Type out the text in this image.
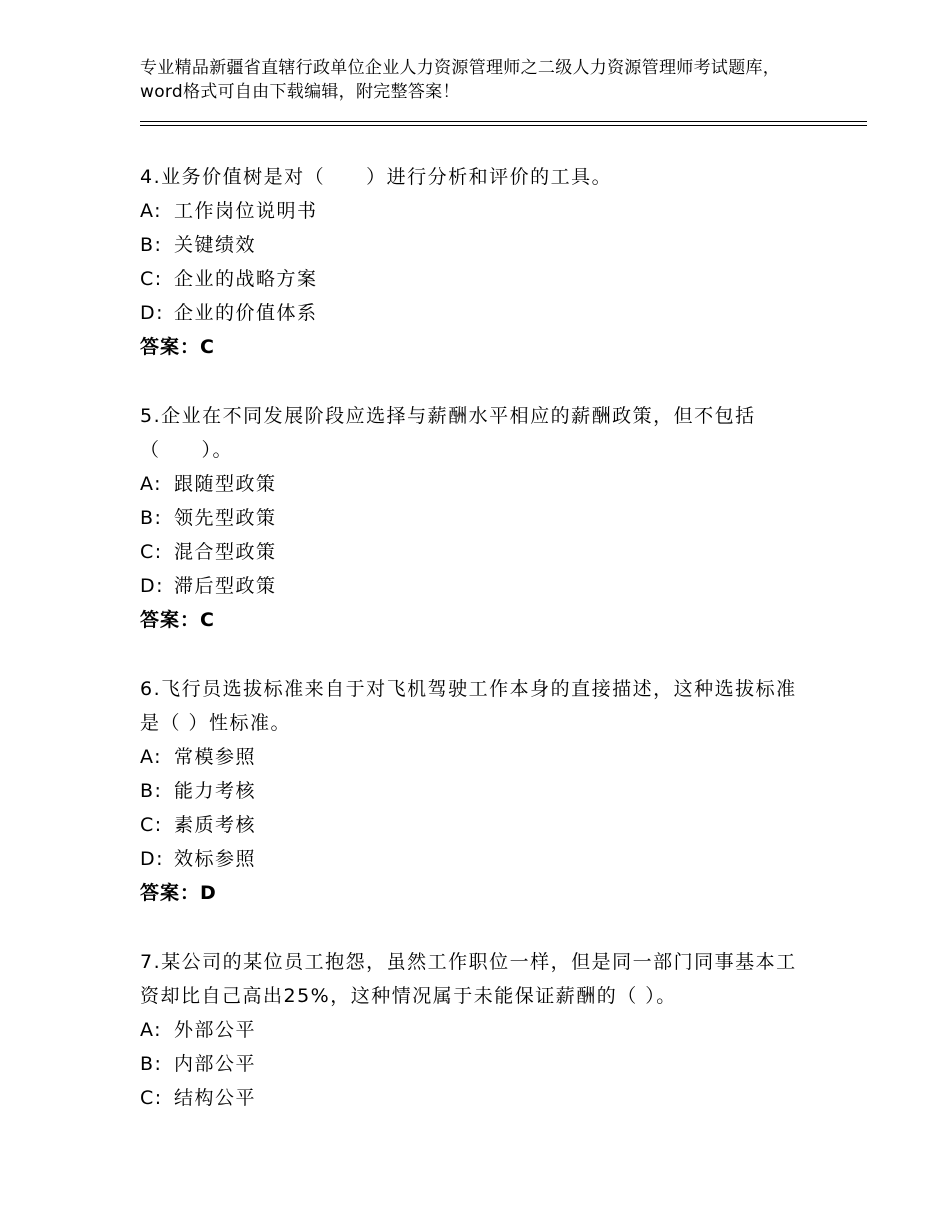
专业精品新疆省直辖行政单位企业人力资源管理师之二级人力资源管理师考试题库，word格式可自由下载编辑，附完整答案！
4.业务价值树是对（　　）进行分析和评价的工具。
A: 工作岗位说明书
B: 关键绩效
C: 企业的战略方案
D: 企业的价值体系
答案：C
5.企业在不同发展阶段应选择与薪酬水平相应的薪酬政策，但不包括（　　）。
A: 跟随型政策
B: 领先型政策
C: 混合型政策
D: 滞后型政策
答案：C
6.飞行员选拔标准来自于对飞机驾驶工作本身的直接描述，这种选拔标准是（ ）性标准。
A: 常模参照
B: 能力考核
C: 素质考核
D: 效标参照
答案：D
7.某公司的某位员工抱怨，虽然工作职位一样，但是同一部门同事基本工资却比自己高出25%，这种情况属于未能保证薪酬的（ ）。
A: 外部公平
B: 内部公平
C: 结构公平
